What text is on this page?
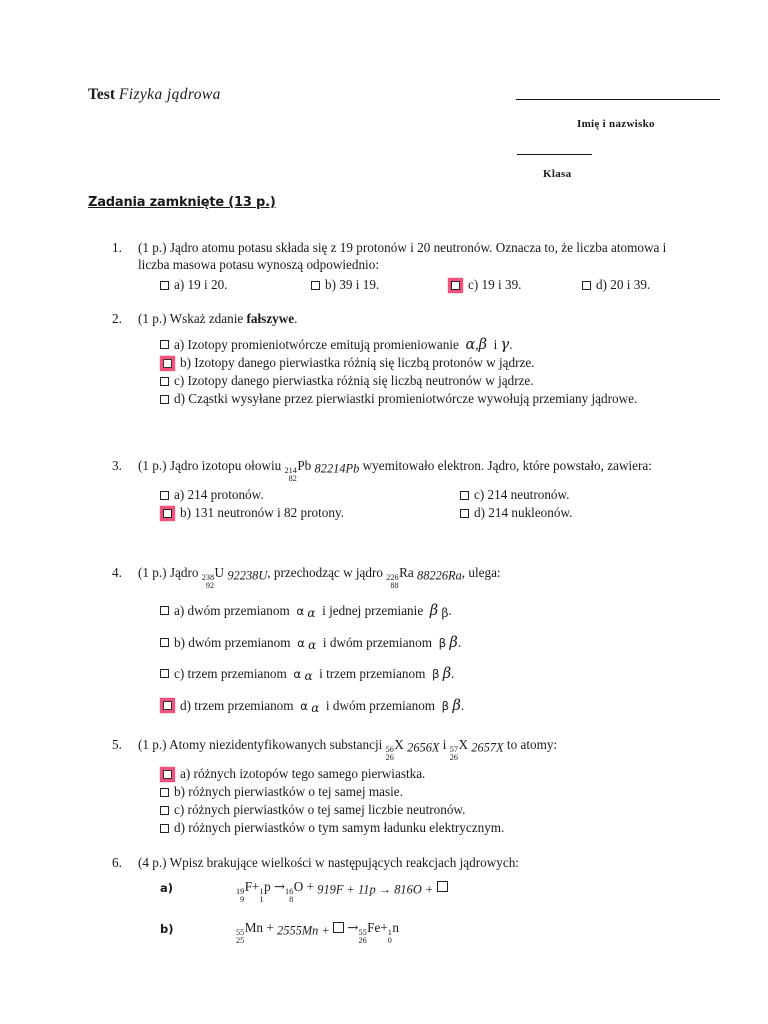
Test Fizyka jądrowa
Imię i nazwisko
Klasa
Zadania zamknięte (13 p.)
1.	(1 p.) Jądro atomu potasu składa się z 19 protonów i 20 neutronów. Oznacza to, że liczba atomowa i liczba masowa potasu wynoszą odpowiednio:
a) 19 i 20.	b) 39 i 19.	c) 19 i 39.	d) 20 i 39.
2.	(1 p.) Wskaż zdanie fałszywe.
a) Izotopy promieniotwórcze emitują promieniowanie α,β i γ.
b) Izotopy danego pierwiastka różnią się liczbą protonów w jądrze.
c) Izotopy danego pierwiastka różnią się liczbą neutronów w jądrze.
d) Cząstki wysyłane przez pierwiastki promieniotwórcze wywołują przemiany jądrowe.
3.	(1 p.) Jądro izotopu ołowiu 214
82
Pb 82214Pb wyemitowało elektron. Jądro, które powstało, zawiera:
a) 214 protonów.	c) 214 neutronów.
b) 131 neutronów i 82 protony.	d) 214 nukleonów.
4.	(1 p.) Jądro 238
92
U 92238U, przechodząc w jądro 226
88
Ra 88226Ra, ulega:
a) dwóm przemianom α α i jednej przemianie β β.
b) dwóm przemianom α α i dwóm przemianom β β.
c) trzem przemianom α α i trzem przemianom β β.
d) trzem przemianom α α i dwóm przemianom β β.
5.	(1 p.) Atomy niezidentyfikowanych substancji 56
26
X 2656X i 57
26
X 2657X to atomy:
a) różnych izotopów tego samego pierwiastka.
b) różnych pierwiastków o tej samej masie.
c) różnych pierwiastków o tej samej liczbie neutronów.
d) różnych pierwiastków o tym samym ładunku elektrycznym.
6.	(4 p.) Wpisz brakujące wielkości w następujących reakcjach jądrowych:
a)	19
9
F+ 1
1
p → 16
8
O + 919F + 11p → 816O +
b)	55
25
Mn + 2555Mn + → 55
26
Fe+ 1
0
n
